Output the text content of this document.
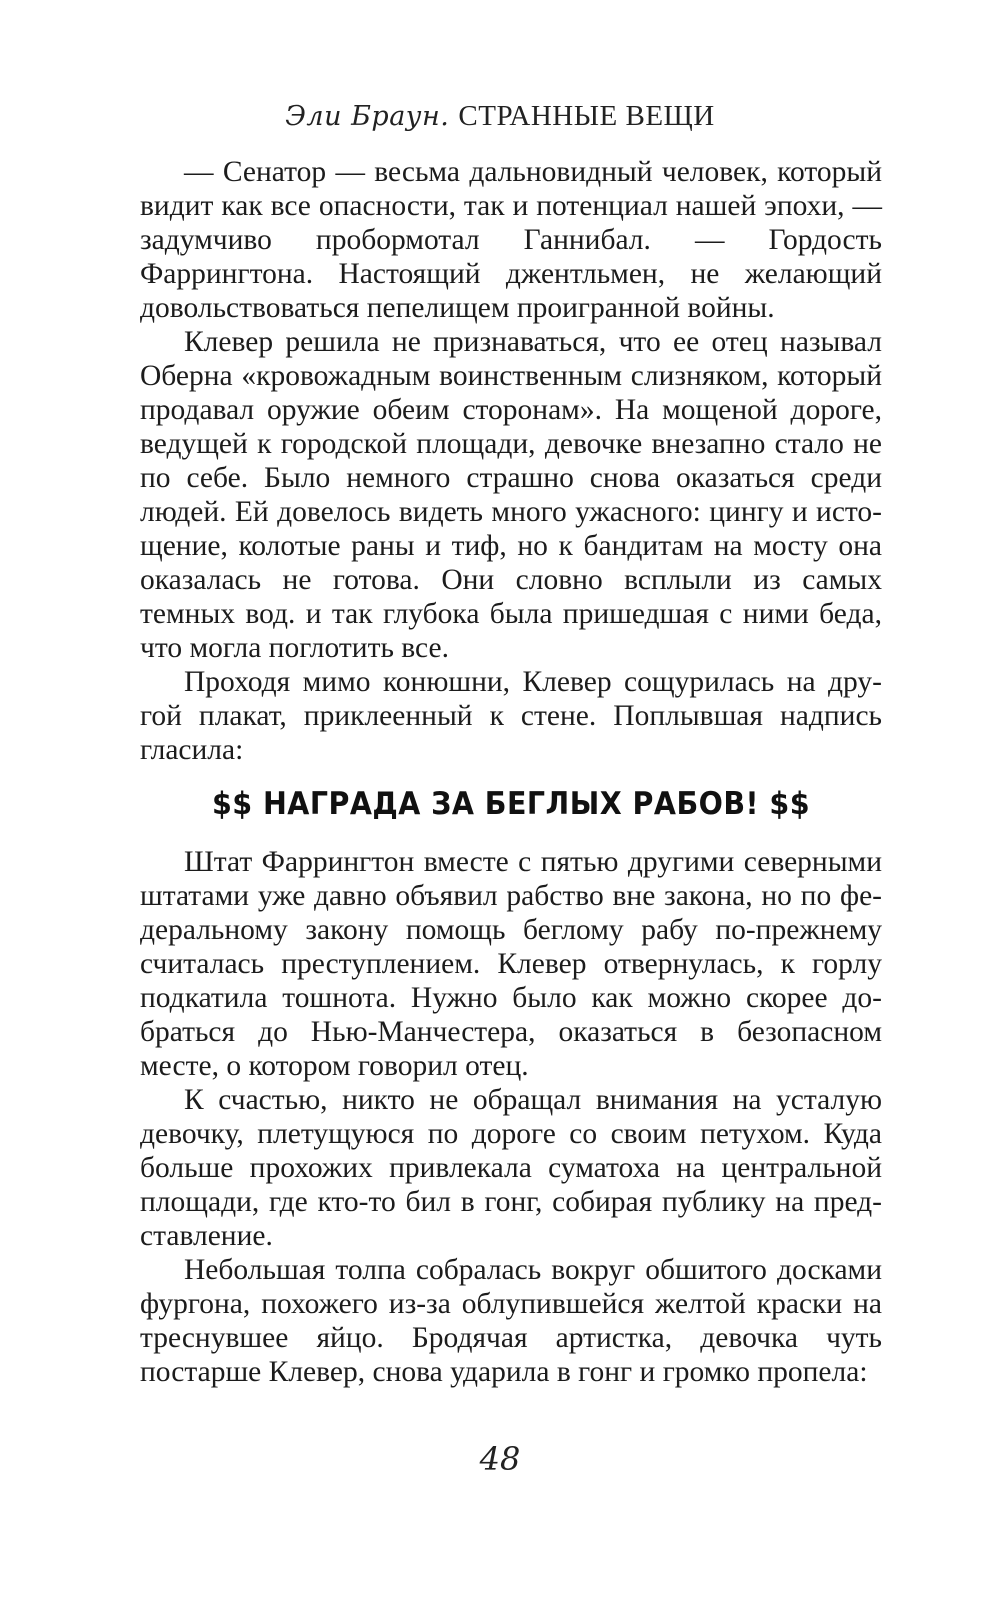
Эли Браун. СТРАННЫЕ ВЕЩИ

— Сенатор — весьма дальновидный человек, который видит как все опасности, так и потенциал нашей эпохи, — задумчиво пробормотал Ганнибал. — Гордость Фаррингтона. Настоящий джентльмен, не желающий довольствоваться пепелищем проигранной войны.

Клевер решила не признаваться, что ее отец называл Оберна «кровожадным воинственным слизняком, который продавал оружие обеим сторонам». На мощеной дороге, ведущей к городской площади, девочке внезапно стало не по себе. Было немного страшно снова оказаться среди людей. Ей довелось видеть много ужасного: цингу и истощение, колотые раны и тиф, но к бандитам на мосту она оказалась не готова. Они словно всплыли из самых темных вод. и так глубока была пришедшая с ними беда, что могла поглотить все.

Проходя мимо конюшни, Клевер сощурилась на другой плакат, приклеенный к стене. Поплывшая надпись гласила:

$$ НАГРАДА ЗА БЕГЛЫХ РАБОВ! $$

Штат Фаррингтон вместе с пятью другими северными штатами уже давно объявил рабство вне закона, но по федеральному закону помощь беглому рабу по-прежнему считалась преступлением. Клевер отвернулась, к горлу подкатила тошнота. Нужно было как можно скорее добраться до Нью-Манчестера, оказаться в безопасном месте, о котором говорил отец.

К счастью, никто не обращал внимания на усталую девочку, плетущуюся по дороге со своим петухом. Куда больше прохожих привлекала суматоха на центральной площади, где кто-то бил в гонг, собирая публику на представление.

Небольшая толпа собралась вокруг обшитого досками фургона, похожего из-за облупившейся желтой краски на треснувшее яйцо. Бродячая артистка, девочка чуть постарше Клевер, снова ударила в гонг и громко пропела:

48
